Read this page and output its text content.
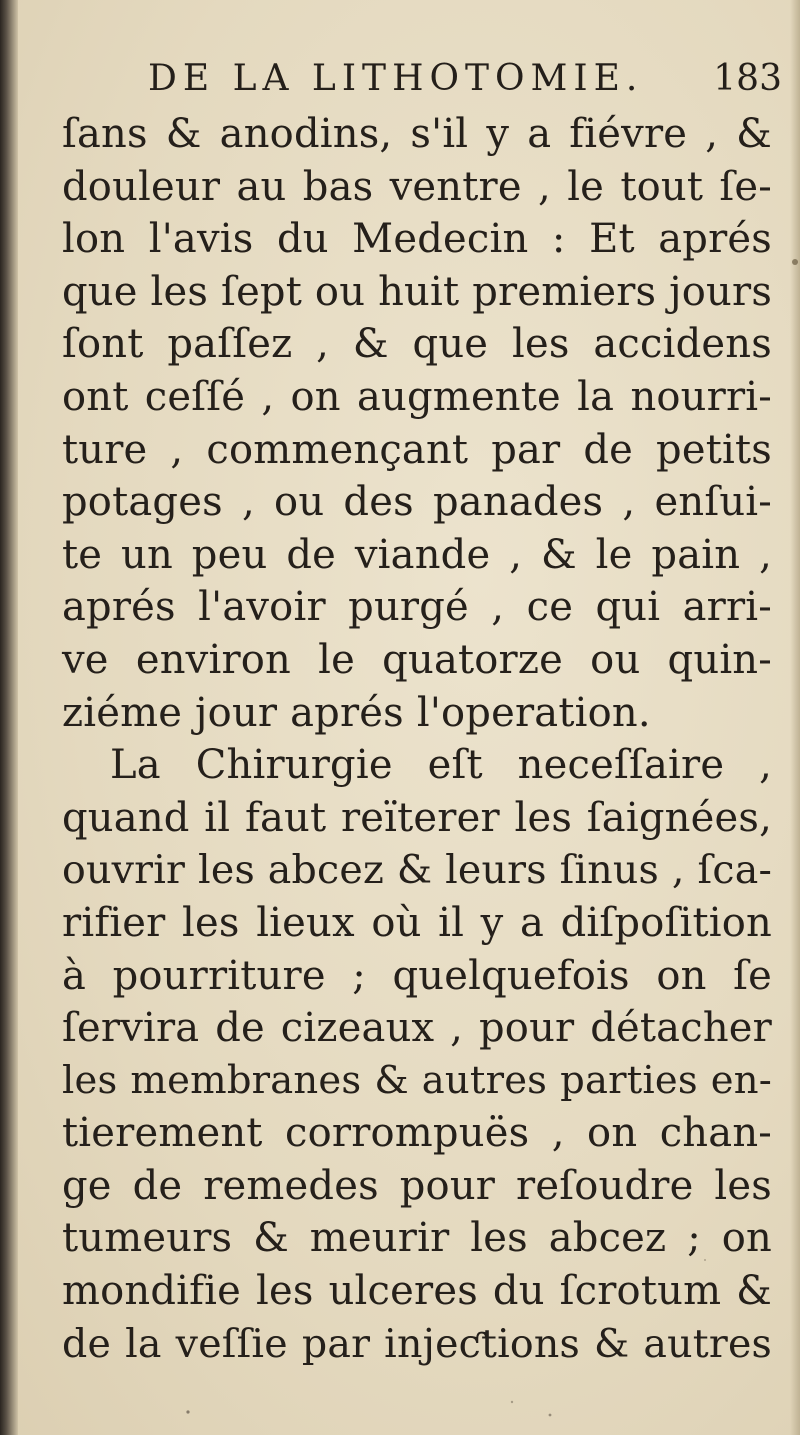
DE LA LITHOTOMIE. 183
ſans & anodins, s'il y a fiévre , &
douleur au bas ventre , le tout ſe-
lon l'avis du Medecin : Et aprés
que les ſept ou huit premiers jours
ſont paſſez , & que les accidens
ont ceſſé , on augmente la nourri-
ture , commençant par de petits
potages , ou des panades , enſui-
te un peu de viande , & le pain ,
aprés l'avoir purgé , ce qui arri-
ve environ le quatorze ou quin-
ziéme jour aprés l'operation.
La Chirurgie eſt neceſſaire ,
quand il faut reïterer les ſaignées,
ouvrir les abcez & leurs ſinus , ſca-
rifier les lieux où il y a diſpoſition
à pourriture ; quelquefois on ſe
ſervira de cizeaux , pour détacher
les membranes & autres parties en-
tierement corrompuës , on chan-
ge de remedes pour reſoudre les
tumeurs & meurir les abcez ; on
mondifie les ulceres du ſcrotum &
de la veſſie par injeƈtions & autres
